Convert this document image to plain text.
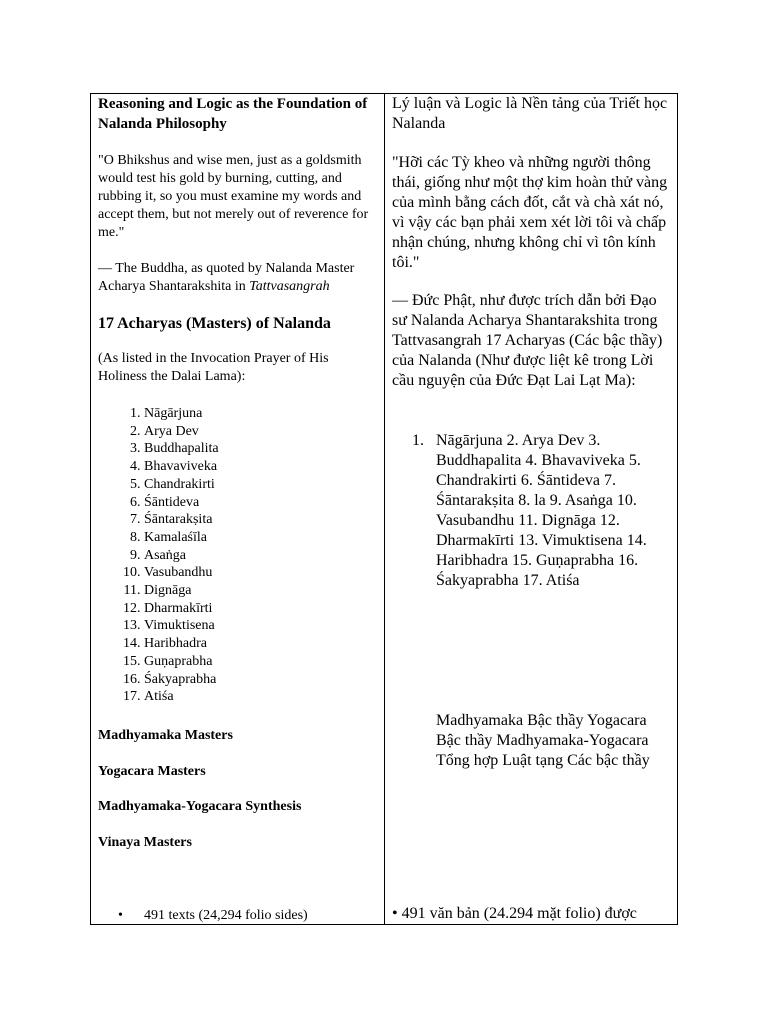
Reasoning and Logic as the Foundation of Nalanda Philosophy

"O Bhikshus and wise men, just as a goldsmith would test his gold by burning, cutting, and rubbing it, so you must examine my words and accept them, but not merely out of reverence for me."

— The Buddha, as quoted by Nalanda Master Acharya Shantarakshita in Tattvasangrah

17 Acharyas (Masters) of Nalanda

(As listed in the Invocation Prayer of His Holiness the Dalai Lama):

1. Nāgārjuna
2. Arya Dev
3. Buddhapalita
4. Bhavaviveka
5. Chandrakirti
6. Śāntideva
7. Śāntarakṣita
8. Kamalaśīla
9. Asaṅga
10. Vasubandhu
11. Dignāga
12. Dharmakīrti
13. Vimuktisena
14. Haribhadra
15. Guṇaprabha
16. Śakyaprabha
17. Atiśa

Madhyamaka Masters

Yogacara Masters

Madhyamaka-Yogacara Synthesis

Vinaya Masters

• 491 texts (24,294 folio sides)

Lý luận và Logic là Nền tảng của Triết học Nalanda

"Hỡi các Tỳ kheo và những người thông thái, giống như một thợ kim hoàn thử vàng của mình bằng cách đốt, cắt và chà xát nó, vì vậy các bạn phải xem xét lời tôi và chấp nhận chúng, nhưng không chỉ vì tôn kính tôi."

— Đức Phật, như được trích dẫn bởi Đạo sư Nalanda Acharya Shantarakshita trong Tattvasangrah 17 Acharyas (Các bậc thầy) của Nalanda (Như được liệt kê trong Lời cầu nguyện của Đức Đạt Lai Lạt Ma):

1. Nāgārjuna 2. Arya Dev 3. Buddhapalita 4. Bhavaviveka 5. Chandrakirti 6. Śāntideva 7. Śāntarakṣita 8. la 9. Asaṅga 10. Vasubandhu 11. Dignāga 12. Dharmakīrti 13. Vimuktisena 14. Haribhadra 15. Guṇaprabha 16. Śakyaprabha 17. Atiśa

Madhyamaka Bậc thầy Yogacara Bậc thầy Madhyamaka-Yogacara Tổng hợp Luật tạng Các bậc thầy

• 491 văn bản (24.294 mặt folio) được
